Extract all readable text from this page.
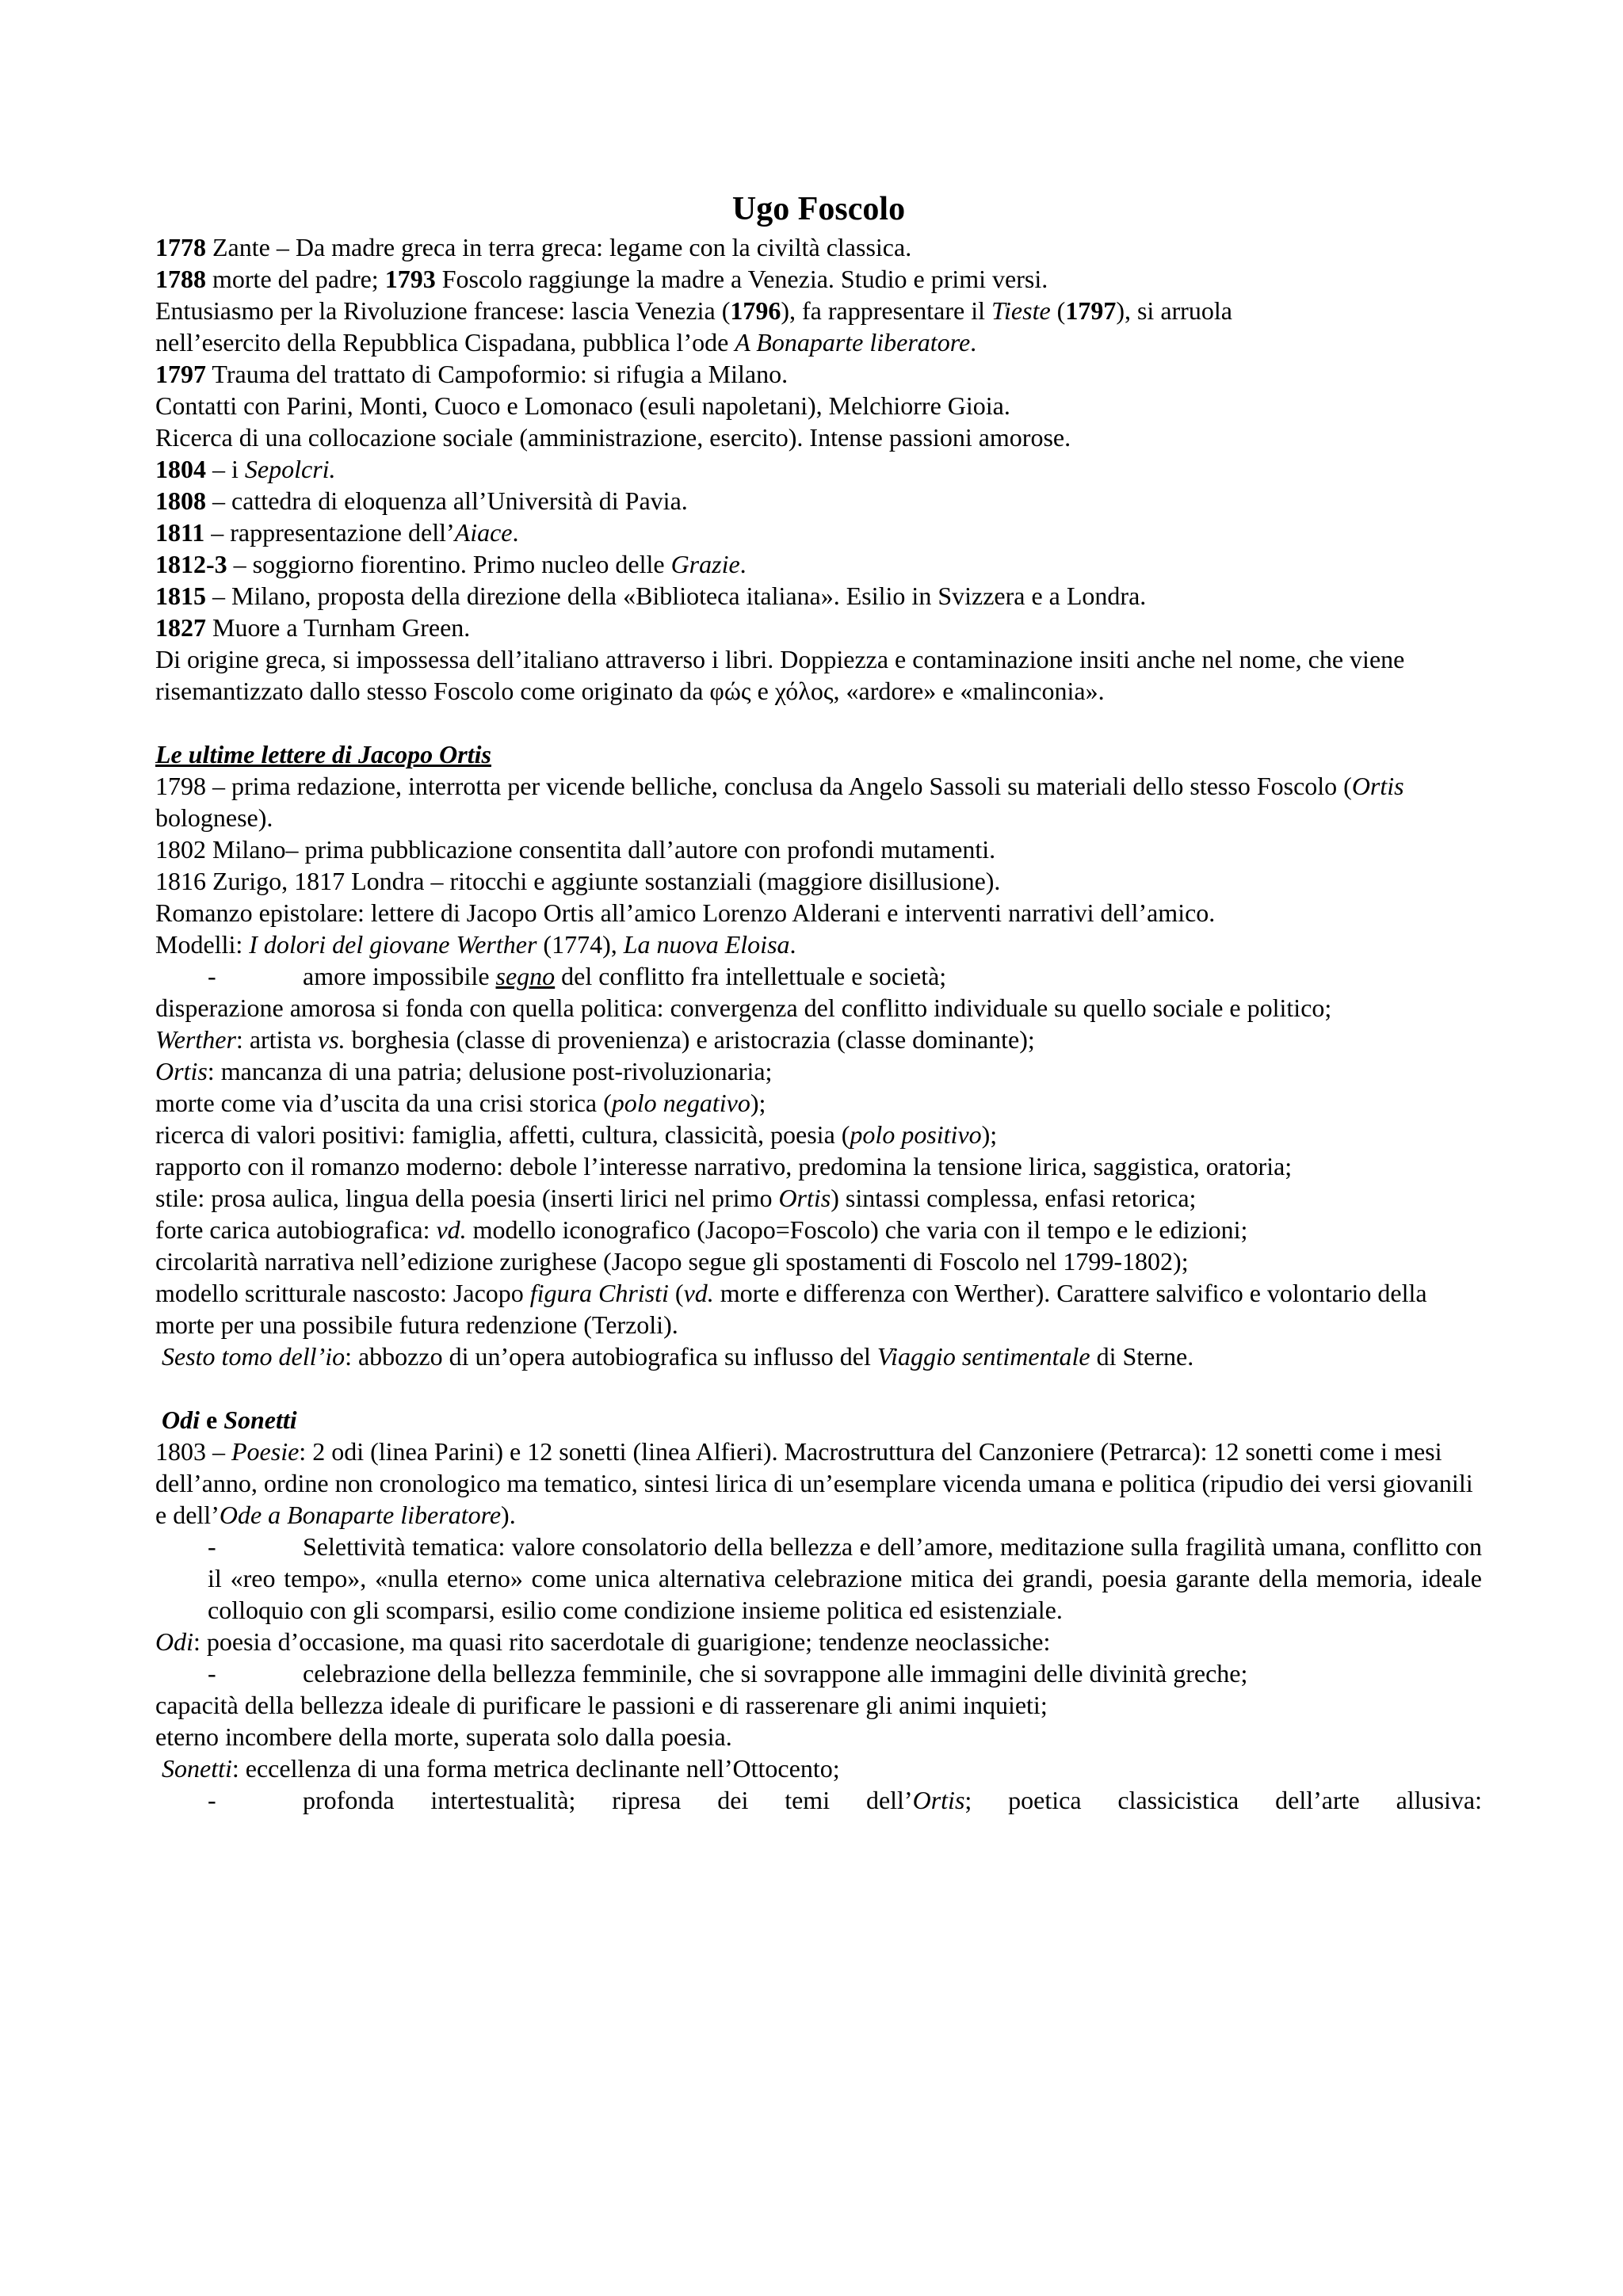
Ugo Foscolo
1778 Zante – Da madre greca in terra greca: legame con la civiltà classica.
1788 morte del padre; 1793 Foscolo raggiunge la madre a Venezia. Studio e primi versi.
Entusiasmo per la Rivoluzione francese: lascia Venezia (1796), fa rappresentare il Tieste (1797), si arruola
nell’esercito della Repubblica Cispadana, pubblica l’ode A Bonaparte liberatore.
1797 Trauma del trattato di Campoformio: si rifugia a Milano.
Contatti con Parini, Monti, Cuoco e Lomonaco (esuli napoletani), Melchiorre Gioia.
Ricerca di una collocazione sociale (amministrazione, esercito). Intense passioni amorose.
1804 – i Sepolcri.
1808 – cattedra di eloquenza all’Università di Pavia.
1811 – rappresentazione dell’Aiace.
1812-3 – soggiorno fiorentino. Primo nucleo delle Grazie.
1815 – Milano, proposta della direzione della «Biblioteca italiana». Esilio in Svizzera e a Londra.
1827 Muore a Turnham Green.
Di origine greca, si impossessa dell’italiano attraverso i libri. Doppiezza e contaminazione insiti anche nel nome, che viene risemantizzato dallo stesso Foscolo come originato da φώς e χόλος, «ardore» e «malinconia».
Le ultime lettere di Jacopo Ortis
1798 – prima redazione, interrotta per vicende belliche, conclusa da Angelo Sassoli su materiali dello stesso Foscolo (Ortis bolognese).
1802 Milano– prima pubblicazione consentita dall’autore con profondi mutamenti.
1816 Zurigo, 1817 Londra – ritocchi e aggiunte sostanziali (maggiore disillusione).
Romanzo epistolare: lettere di Jacopo Ortis all’amico Lorenzo Alderani e interventi narrativi dell’amico.
Modelli: I dolori del giovane Werther (1774), La nuova Eloisa.
-	amore impossibile segno del conflitto fra intellettuale e società;
disperazione amorosa si fonda con quella politica: convergenza del conflitto individuale su quello sociale e politico;
Werther: artista vs. borghesia (classe di provenienza) e aristocrazia (classe dominante);
Ortis: mancanza di una patria; delusione post-rivoluzionaria;
morte come via d’uscita da una crisi storica (polo negativo);
ricerca di valori positivi: famiglia, affetti, cultura, classicità, poesia (polo positivo);
rapporto con il romanzo moderno: debole l’interesse narrativo, predomina la tensione lirica, saggistica, oratoria;
stile: prosa aulica, lingua della poesia (inserti lirici nel primo Ortis) sintassi complessa, enfasi retorica;
forte carica autobiografica: vd. modello iconografico (Jacopo=Foscolo) che varia con il tempo e le edizioni;
circolarità narrativa nell’edizione zurighese (Jacopo segue gli spostamenti di Foscolo nel 1799-1802);
modello scritturale nascosto: Jacopo figura Christi (vd. morte e differenza con Werther). Carattere salvifico e volontario della morte per una possibile futura redenzione (Terzoli).
Sesto tomo dell’io: abbozzo di un’opera autobiografica su influsso del Viaggio sentimentale di Sterne.
Odi e Sonetti
1803 – Poesie: 2 odi (linea Parini) e 12 sonetti (linea Alfieri). Macrostruttura del Canzoniere (Petrarca): 12 sonetti come i mesi dell’anno, ordine non cronologico ma tematico, sintesi lirica di un’esemplare vicenda umana e politica (ripudio dei versi giovanili e dell’Ode a Bonaparte liberatore).
-	Selettività tematica: valore consolatorio della bellezza e dell’amore, meditazione sulla fragilità umana, conflitto con il «reo tempo», «nulla eterno» come unica alternativa celebrazione mitica dei grandi, poesia garante della memoria, ideale colloquio con gli scomparsi, esilio come condizione insieme politica ed esistenziale.
Odi: poesia d’occasione, ma quasi rito sacerdotale di guarigione; tendenze neoclassiche:
-	celebrazione della bellezza femminile, che si sovrappone alle immagini delle divinità greche;
capacità della bellezza ideale di purificare le passioni e di rasserenare gli animi inquieti;
eterno incombere della morte, superata solo dalla poesia.
Sonetti: eccellenza di una forma metrica declinante nell’Ottocento;
-	profonda intertestualità; ripresa dei temi dell’Ortis; poetica classicistica dell’arte allusiva:
